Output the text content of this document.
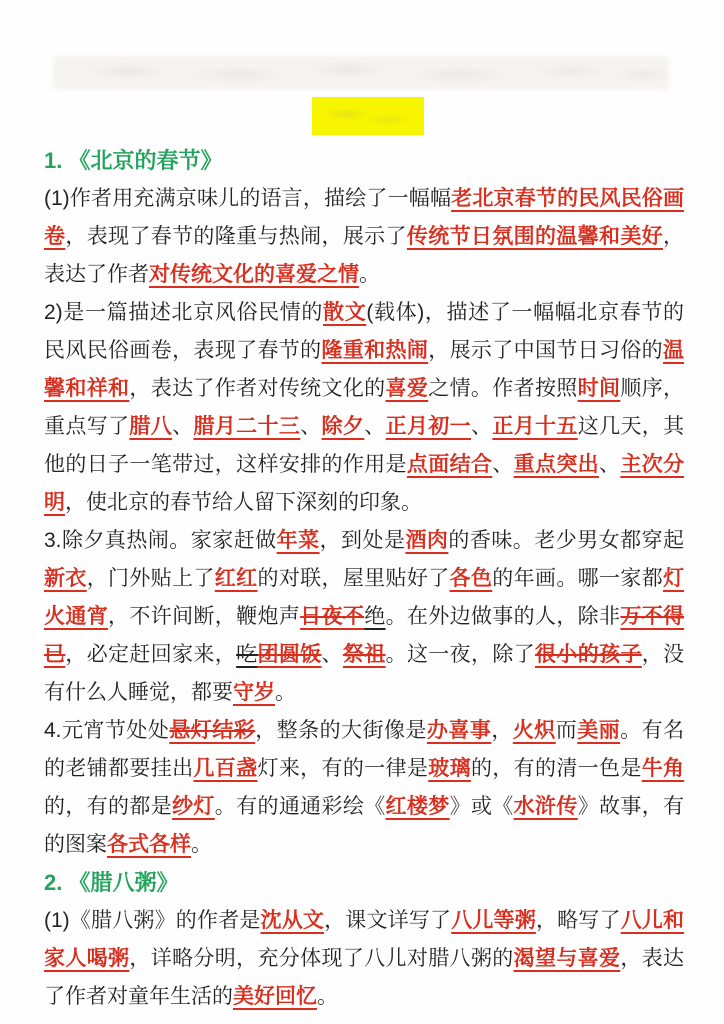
1. 《北京的春节》

(1)作者用充满京味儿的语言，描绘了一幅幅老北京春节的民风民俗画卷，表现了春节的隆重与热闹，展示了传统节日氛围的温馨和美好，表达了作者对传统文化的喜爱之情。

2)是一篇描述北京风俗民情的散文(载体)，描述了一幅幅北京春节的民风民俗画卷，表现了春节的隆重和热闹，展示了中国节日习俗的温馨和祥和，表达了作者对传统文化的喜爱之情。作者按照时间顺序，重点写了腊八、腊月二十三、除夕、正月初一、正月十五这几天，其他的日子一笔带过，这样安排的作用是点面结合、重点突出、主次分明，使北京的春节给人留下深刻的印象。

3.除夕真热闹。家家赶做年菜，到处是酒肉的香味。老少男女都穿起新衣，门外贴上了红红的对联，屋里贴好了各色的年画。哪一家都灯火通宵，不许间断，鞭炮声日夜不绝。在外边做事的人，除非万不得已，必定赶回家来，吃团圆饭、祭祖。这一夜，除了很小的孩子，没有什么人睡觉，都要守岁。

4.元宵节处处悬灯结彩，整条的大街像是办喜事，火炽而美丽。有名的老铺都要挂出几百盏灯来，有的一律是玻璃的，有的清一色是牛角的，有的都是纱灯。有的通通彩绘《红楼梦》或《水浒传》故事，有的图案各式各样。

2. 《腊八粥》

(1)《腊八粥》的作者是沈从文，课文详写了八儿等粥，略写了八儿和家人喝粥，详略分明，充分体现了八儿对腊八粥的渴望与喜爱，表达了作者对童年生活的美好回忆。
